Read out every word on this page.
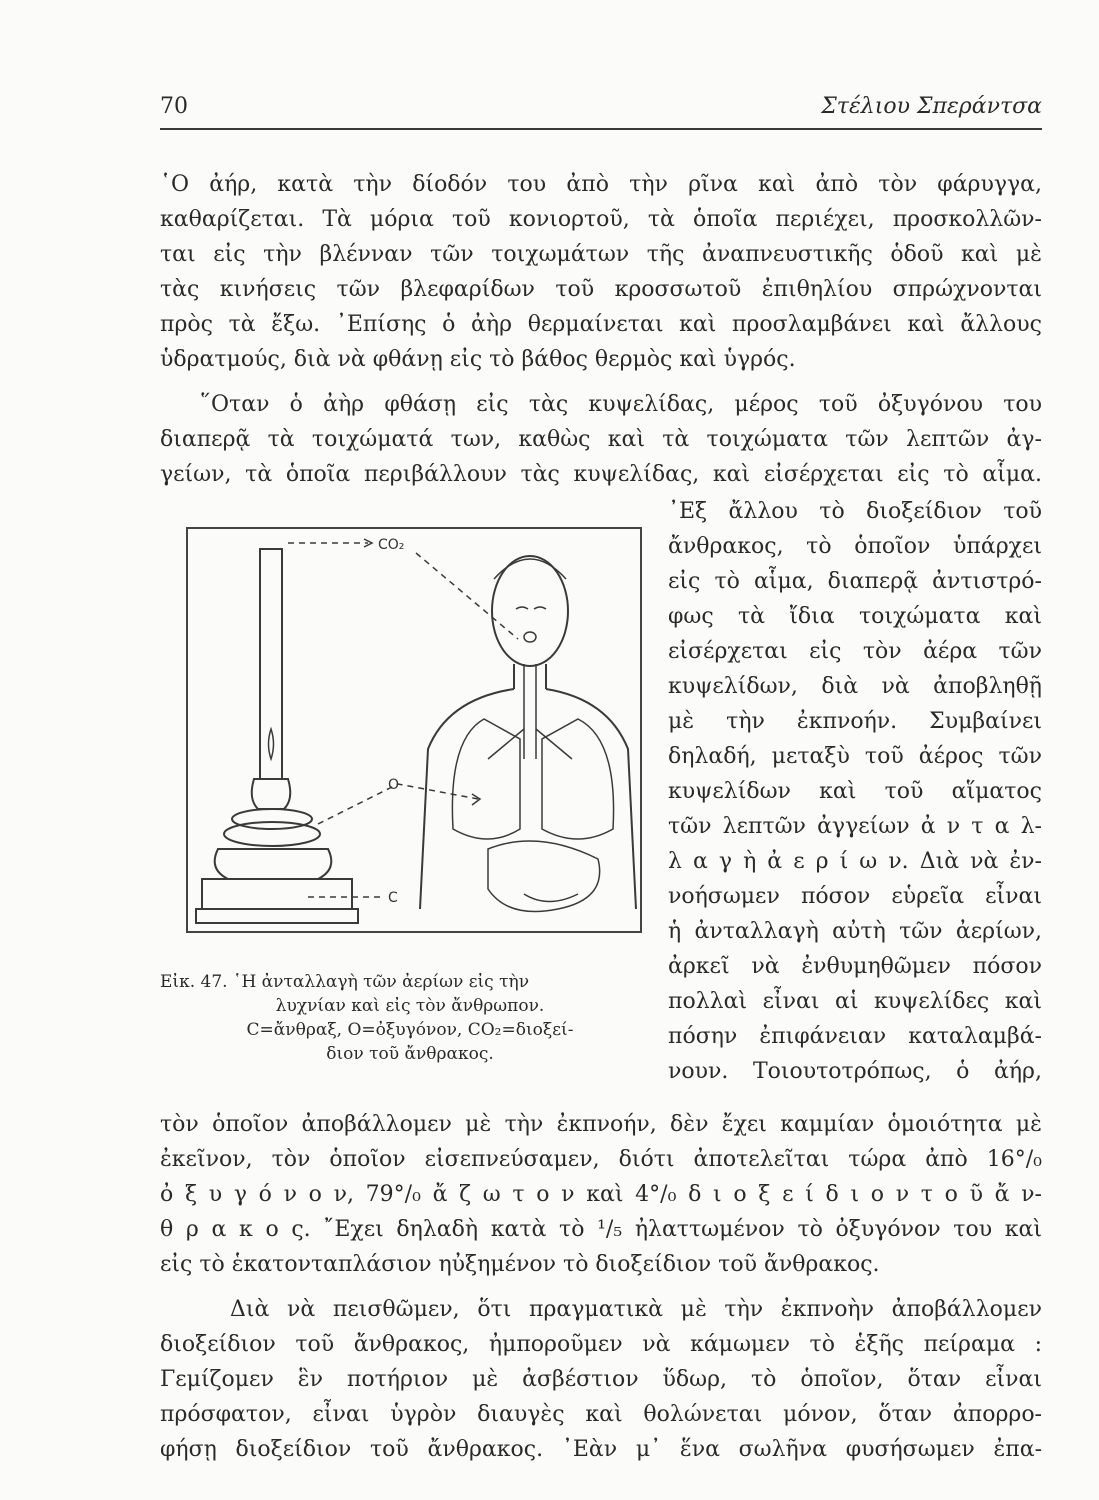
70	Στέλιου Σπεράντσα
῾Ο ἀήρ, κατὰ τὴν δίοδόν του ἀπὸ τὴν ρῖνα καὶ ἀπὸ τὸν φάρυγγα,
καθαρίζεται. Τὰ μόρια τοῦ κονιορτοῦ, τὰ ὁποῖα περιέχει, προσκολλῶν-
ται εἰς τὴν βλένναν τῶν τοιχωμάτων τῆς ἀναπνευστικῆς ὁδοῦ καὶ μὲ
τὰς κινήσεις τῶν βλεφαρίδων τοῦ κροσσωτοῦ ἐπιθηλίου σπρώχνονται
πρὸς τὰ ἔξω. ᾿Επίσης ὁ ἀὴρ θερμαίνεται καὶ προσλαμβάνει καὶ ἄλλους
ὑδρατμούς, διὰ νὰ φθάνῃ εἰς τὸ βάθος θερμὸς καὶ ὑγρός.
῞Οταν ὁ ἀὴρ φθάσῃ εἰς τὰς κυψελίδας, μέρος τοῦ ὀξυγόνου του
διαπερᾷ τὰ τοιχώματά των, καθὼς καὶ τὰ τοιχώματα τῶν λεπτῶν ἀγ-
γείων, τὰ ὁποῖα περιβάλλουν τὰς κυψελίδας, καὶ εἰσέρχεται εἰς τὸ αἷμα.
᾿Εξ ἄλλου τὸ διοξείδιον τοῦ
ἄνθρακος, τὸ ὁποῖον ὑπάρχει
εἰς τὸ αἷμα, διαπερᾷ ἀντιστρό-
φως τὰ ἴδια τοιχώματα καὶ
εἰσέρχεται εἰς τὸν ἀέρα τῶν
κυψελίδων, διὰ νὰ ἀποβληθῇ
μὲ τὴν ἐκπνοήν. Συμβαίνει
δηλαδή, μεταξὺ τοῦ ἀέρος τῶν
κυψελίδων καὶ τοῦ αἵματος
τῶν λεπτῶν ἀγγείων ἀ ν τ α λ-
λ α γ ὴ ἀ ε ρ ί ω ν. Διὰ νὰ ἐν-
νοήσωμεν πόσον εὑρεῖα εἶναι
ἡ ἀνταλλαγὴ αὐτὴ τῶν ἀερίων,
ἀρκεῖ νὰ ἐνθυμηθῶμεν πόσον
πολλαὶ εἶναι αἱ κυψελίδες καὶ
πόσην ἐπιφάνειαν καταλαμβά-
νουν. Τοιουτοτρόπως, ὁ ἀήρ,
CO₂
O
C
Εἰκ. 47. ῾Η ἀνταλλαγὴ τῶν ἀερίων εἰς τὴν
λυχνίαν καὶ εἰς τὸν ἄνθρωπον.
C=ἄνθραξ, O=ὀξυγόνον, CO₂=διοξεί-
διον τοῦ ἄνθρακος.
τὸν ὁποῖον ἀποβάλλομεν μὲ τὴν ἐκπνοήν, δὲν ἔχει καμμίαν ὁμοιότητα μὲ
ἐκεῖνον, τὸν ὁποῖον εἰσεπνεύσαμεν, διότι ἀποτελεῖται τώρα ἀπὸ 16°/₀
ὀ ξ υ γ ό ν ο ν, 79°/₀ ἄ ζ ω τ ο ν καὶ 4°/₀ δ ι ο ξ ε ί δ ι ο ν τ ο ῦ ἄ ν-
θ ρ α κ ο ς. ῎Εχει δηλαδὴ κατὰ τὸ ¹/₅ ἠλαττωμένον τὸ ὀξυγόνον του καὶ
εἰς τὸ ἑκατονταπλάσιον ηὐξημένον τὸ διοξείδιον τοῦ ἄνθρακος.
Διὰ νὰ πεισθῶμεν, ὅτι πραγματικὰ μὲ τὴν ἐκπνοὴν ἀποβάλλομεν
διοξείδιον τοῦ ἄνθρακος, ἠμποροῦμεν νὰ κάμωμεν τὸ ἑξῆς πείραμα :
Γεμίζομεν ἓν ποτήριον μὲ ἀσβέστιον ὕδωρ, τὸ ὁποῖον, ὅταν εἶναι
πρόσφατον, εἶναι ὑγρὸν διαυγὲς καὶ θολώνεται μόνον, ὅταν ἀπορρο-
φήσῃ διοξείδιον τοῦ ἄνθρακος. ᾿Εὰν μ᾿ ἕνα σωλῆνα φυσήσωμεν ἐπα-
